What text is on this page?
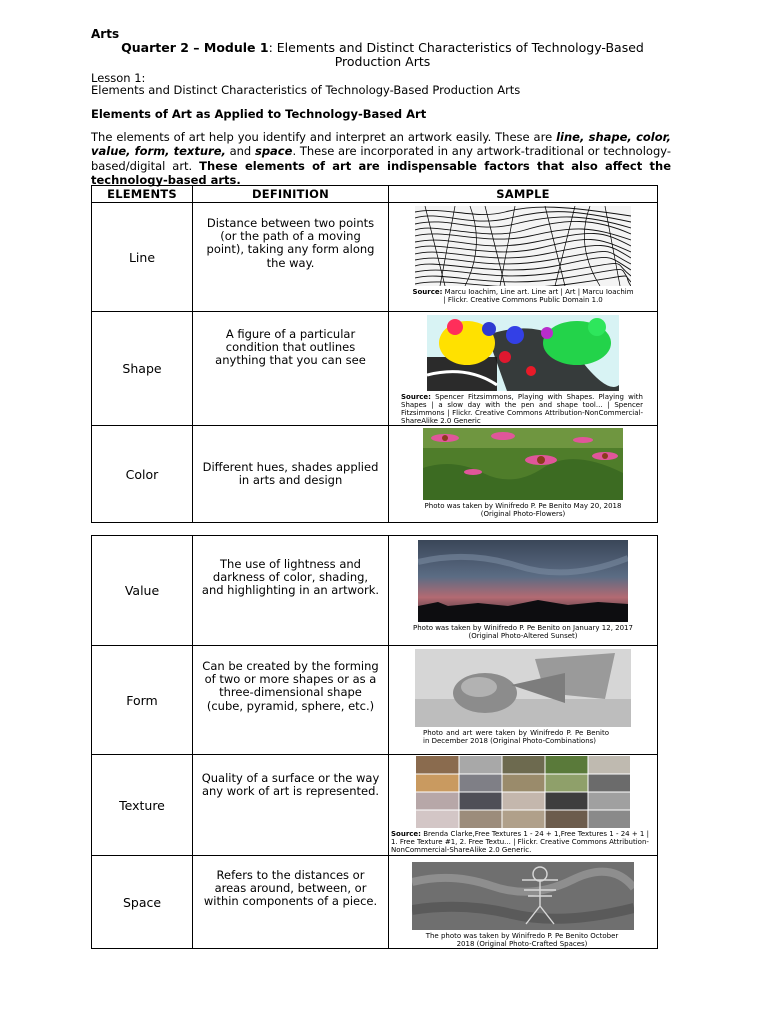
Arts
Quarter 2 – Module 1: Elements and Distinct Characteristics of Technology-Based Production Arts
Lesson 1:
Elements and Distinct Characteristics of Technology-Based Production Arts
Elements of Art as Applied to Technology-Based Art
The elements of art help you identify and interpret an artwork easily. These are line, shape, color, value, form, texture, and space. These are incorporated in any artwork-traditional or technology-based/digital art. These elements of art are indispensable factors that also affect the technology-based arts.
ELEMENTS	DEFINITION	SAMPLE
Line	Distance between two points (or the path of a moving point), taking any form along the way.	Source: Marcu Ioachim, Line art. Line art | Art | Marcu Ioachim | Flickr. Creative Commons Public Domain 1.0

Shape	A figure of a particular condition that outlines anything that you can see	Source: Spencer Fitzsimmons, Playing with Shapes. Playing with Shapes | a slow day with the pen and shape tool... | Spencer Fitzsimmons | Flickr. Creative Commons Attribution-NonCommercial-ShareAlike 2.0 Generic

Color	Different hues, shades applied in arts and design	Photo was taken by Winifredo P. Pe Benito May 20, 2018 (Original Photo-Flowers)
Value	The use of lightness and darkness of color, shading, and highlighting in an artwork.	Photo was taken by Winifredo P. Pe Benito on January 12, 2017 (Original Photo-Altered Sunset)

Form	Can be created by the forming of two or more shapes or as a three-dimensional shape (cube, pyramid, sphere, etc.)	Photo and art were taken by Winifredo P. Pe Benito in December 2018 (Original Photo-Combinations)

Texture	Quality of a surface or the way any work of art is represented.	Source: Brenda Clarke,Free Textures 1 - 24 + 1,Free Textures 1 - 24 + 1 | 1. Free Texture #1, 2. Free Textu... | Flickr. Creative Commons Attribution-NonCommercial-ShareAlike 2.0 Generic.

Space	Refers to the distances or areas around, between, or within components of a piece.	The photo was taken by Winifredo P. Pe Benito October 2018 (Original Photo-Crafted Spaces)
